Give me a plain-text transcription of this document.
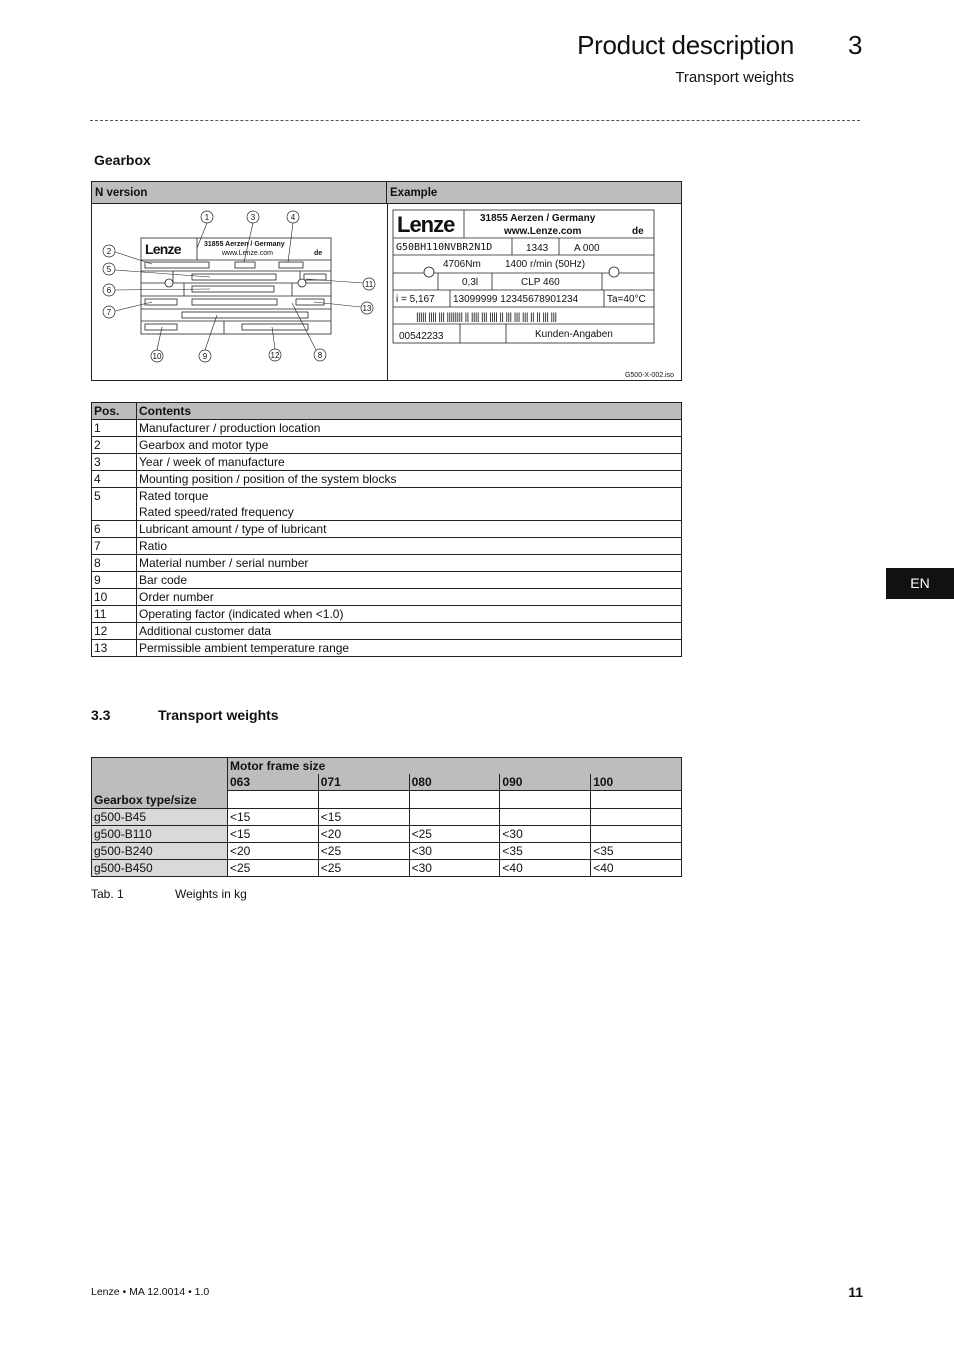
Product description 3
Transport weights
Gearbox
N version	Example
Lenze	31855 Aerzen / Germany
www.Lenze.com	de
1	3	4
2
5
6
7
11
13
10	9	12	8
Lenze	31855 Aerzen / Germany
www.Lenze.com	de
G50BH110NVBR2N1D	1343	A 000
4706Nm 1400 r/min (50Hz)
0,3l	CLP 460
i = 5,167 13099999 12345678901234	Ta=40°C
||||| |||| ||| |||||||| || |||| ||| |||| || ||| ||| ||| || || ||| |||
00542233	Kunden-Angaben
G500-X-002.iso
Pos.	Contents
1	Manufacturer / production location
2	Gearbox and motor type
3	Year / week of manufacture
4	Mounting position / position of the system blocks
5	Rated torque
Rated speed/rated frequency

6	Lubricant amount / type of lubricant
7	Ratio
8	Material number / serial number
9	Bar code
10	Order number
11	Operating factor (indicated when <1.0)
12	Additional customer data
13	Permissible ambient temperature range
3.3	Transport weights
Gearbox type/size	Motor frame size				
	063	071	080	090	100

g500-B45	<15	<15			
g500-B110	<15	<20	<25	<30	
g500-B240	<20	<25	<30	<35	<35
g500-B450	<25	<25	<30	<40	<40
Tab. 1	Weights in kg
EN
Lenze • MA 12.0014 • 1.0	11
